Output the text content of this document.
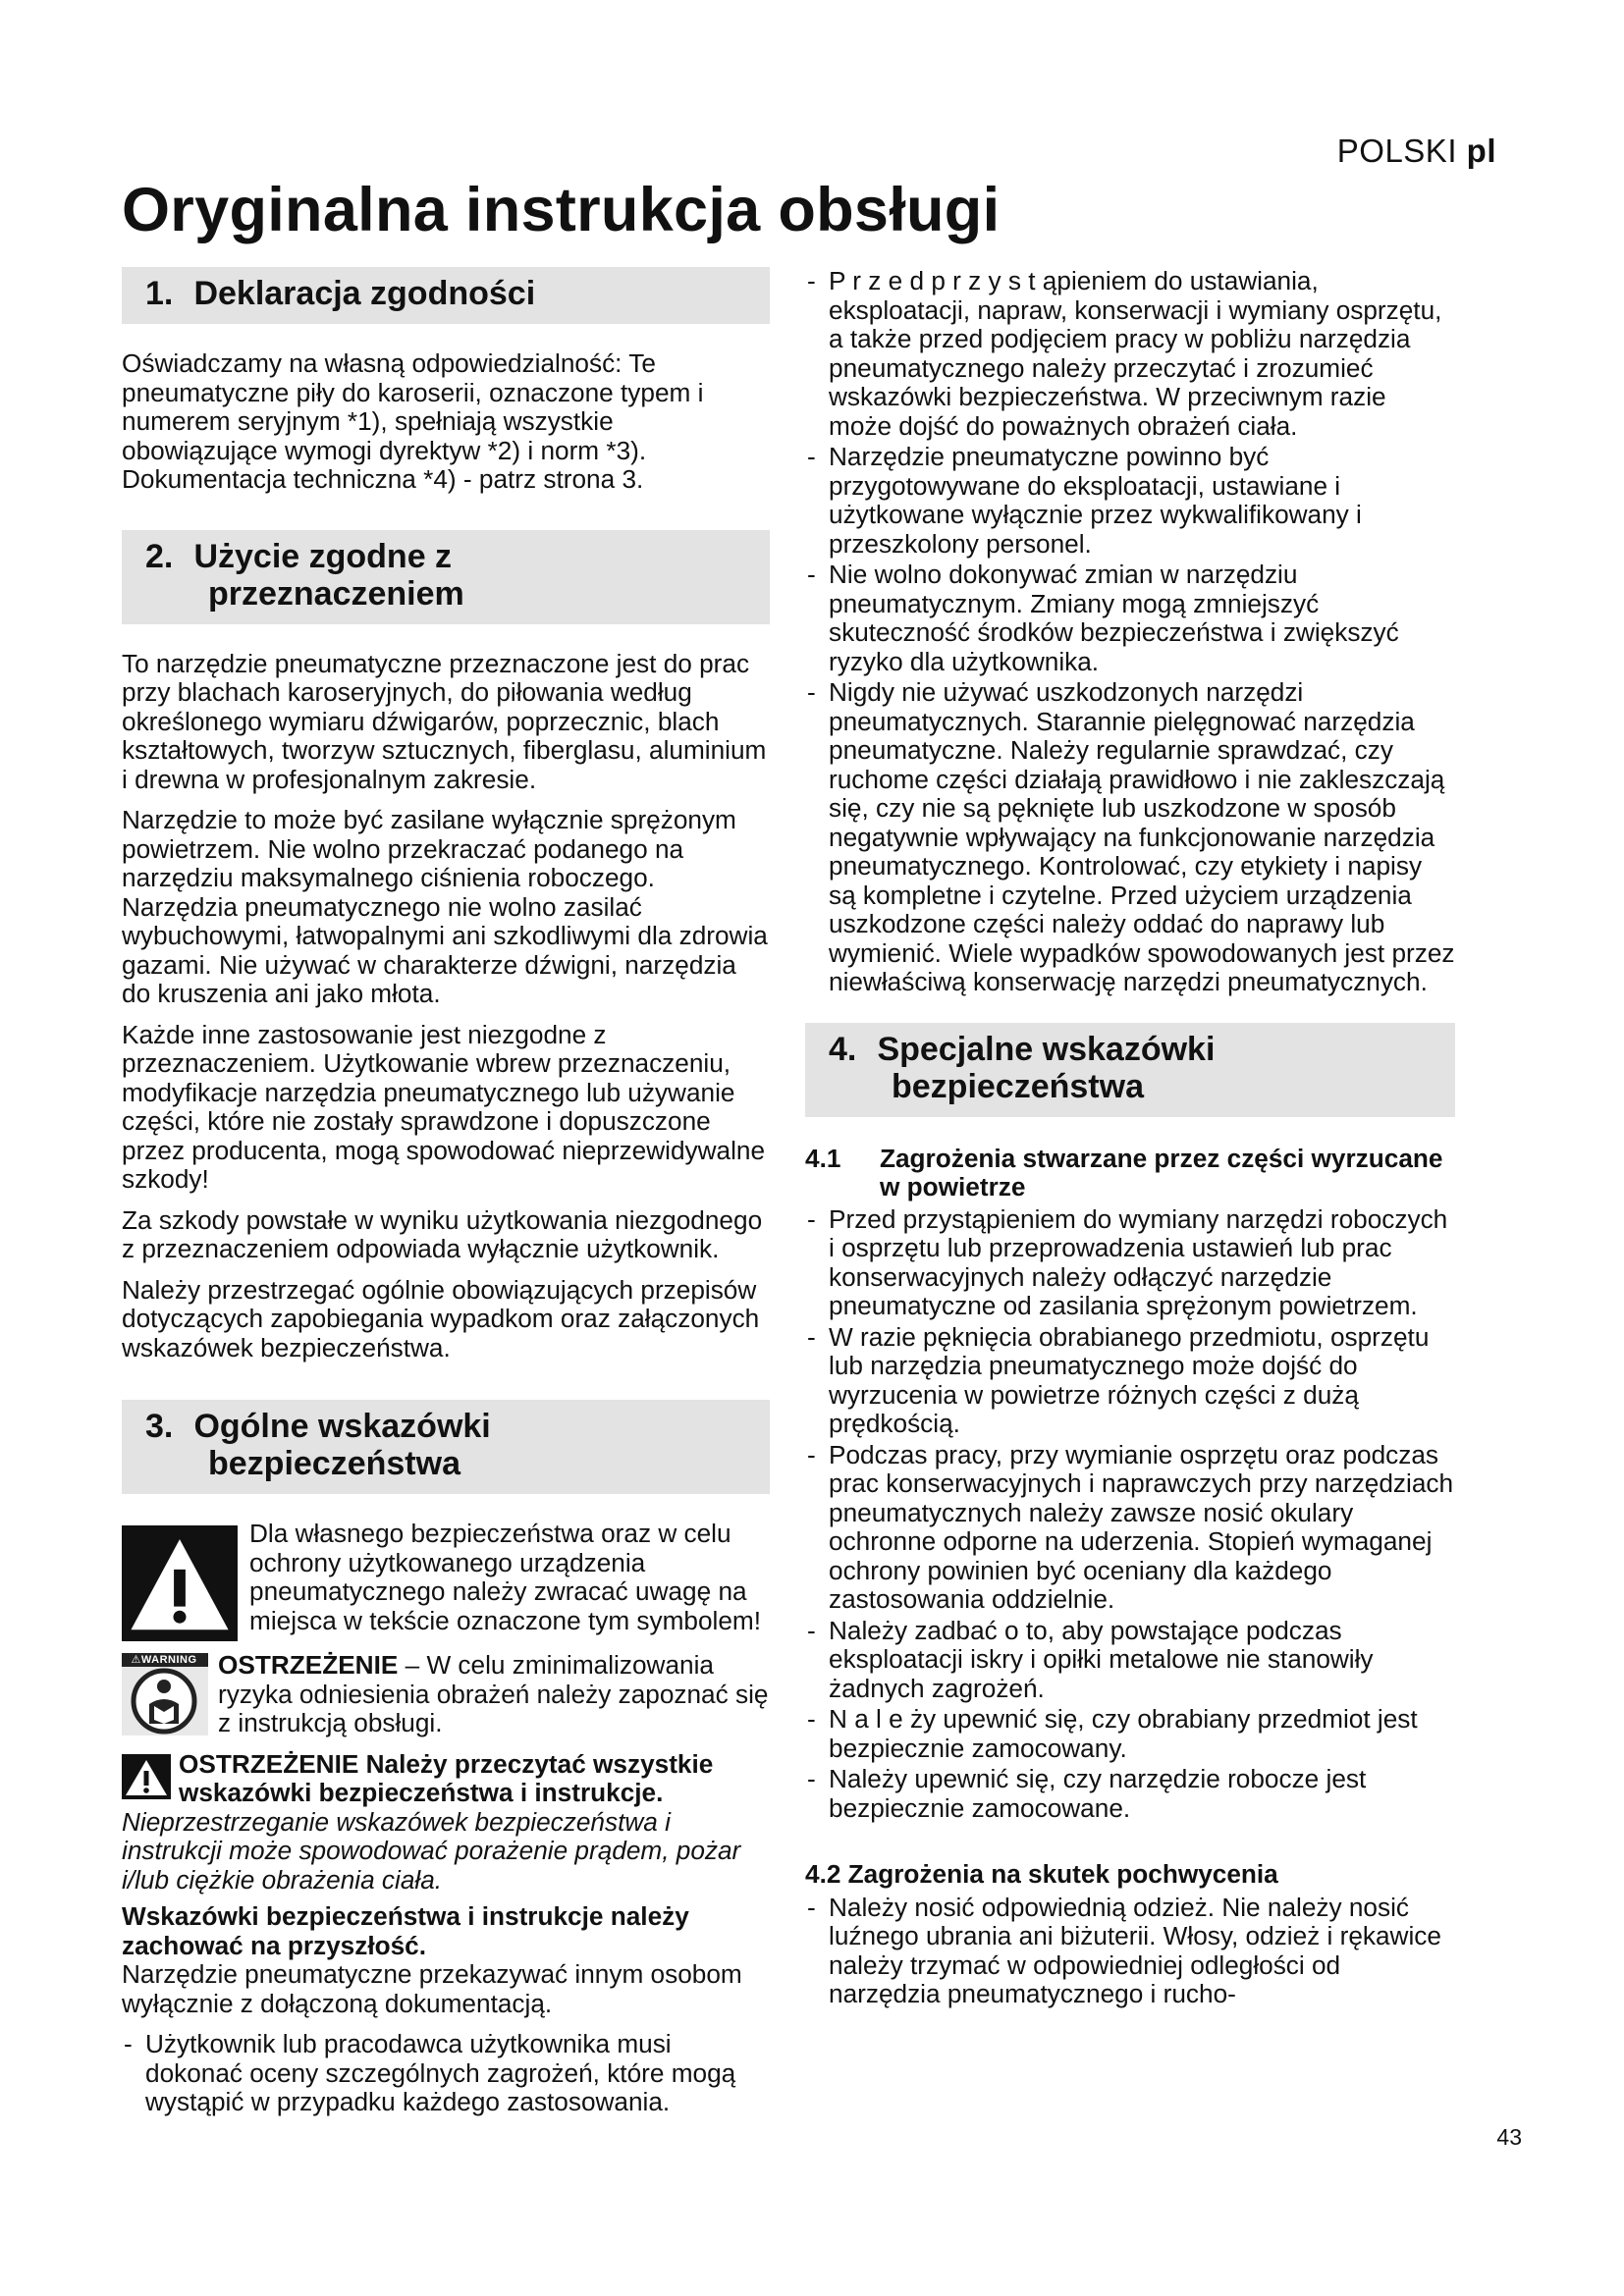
POLSKI pl
Oryginalna instrukcja obsługi
1. Deklaracja zgodności

Oświadczamy na własną odpowiedzialność: Te pneumatyczne piły do karoserii, oznaczone typem i numerem seryjnym *1), spełniają wszystkie obowiązujące wymogi dyrektyw *2) i norm *3). Dokumentacja techniczna *4) - patrz strona 3.

2. Użycie zgodne z
przeznaczeniem

To narzędzie pneumatyczne przeznaczone jest do prac przy blachach karoseryjnych, do piłowania według określonego wymiaru dźwigarów, poprzecznic, blach kształtowych, tworzyw sztucznych, fiberglasu, aluminium i drewna w profesjonalnym zakresie.

Narzędzie to może być zasilane wyłącznie sprężonym powietrzem. Nie wolno przekraczać podanego na narzędziu maksymalnego ciśnienia roboczego. Narzędzia pneumatycznego nie wolno zasilać wybuchowymi, łatwopalnymi ani szkodliwymi dla zdrowia gazami. Nie używać w charakterze dźwigni, narzędzia do kruszenia ani jako młota.

Każde inne zastosowanie jest niezgodne z przeznaczeniem. Użytkowanie wbrew przeznaczeniu, modyfikacje narzędzia pneumatycznego lub używanie części, które nie zostały sprawdzone i dopuszczone przez producenta, mogą spowodować nieprzewidywalne szkody!

Za szkody powstałe w wyniku użytkowania niezgodnego z przeznaczeniem odpowiada wyłącznie użytkownik.

Należy przestrzegać ogólnie obowiązujących przepisów dotyczących zapobiegania wypadkom oraz załączonych wskazówek bezpieczeństwa.

3. Ogólne wskazówki
bezpieczeństwa
Dla własnego bezpieczeństwa oraz w celu ochrony użytkowanego urządzenia pneumatycznego należy zwracać uwagę na miejsca w tekście oznaczone tym symbolem!
⚠WARNING OSTRZEŻENIE – W celu zminimalizowania ryzyka odniesienia obrażeń należy zapoznać się z instrukcją obsługi.
OSTRZEŻENIE Należy przeczytać wszystkie wskazówki bezpieczeństwa i instrukcje. Nieprzestrzeganie wskazówek bezpieczeństwa i instrukcji może spowodować porażenie prądem, pożar i/lub ciężkie obrażenia ciała.

Wskazówki bezpieczeństwa i instrukcje należy zachować na przyszłość.
Narzędzie pneumatyczne przekazywać innym osobom wyłącznie z dołączoną dokumentacją.

- Użytkownik lub pracodawca użytkownika musi dokonać oceny szczególnych zagrożeń, które mogą wystąpić w przypadku każdego zastosowania.
- P r z e d p r z y s t ąpieniem do ustawiania, eksploatacji, napraw, konserwacji i wymiany osprzętu, a także przed podjęciem pracy w pobliżu narzędzia pneumatycznego należy przeczytać i zrozumieć wskazówki bezpieczeństwa. W przeciwnym razie może dojść do poważnych obrażeń ciała.
- Narzędzie pneumatyczne powinno być przygotowywane do eksploatacji, ustawiane i użytkowane wyłącznie przez wykwalifikowany i przeszkolony personel.
- Nie wolno dokonywać zmian w narzędziu pneumatycznym. Zmiany mogą zmniejszyć skuteczność środków bezpieczeństwa i zwiększyć ryzyko dla użytkownika.
- Nigdy nie używać uszkodzonych narzędzi pneumatycznych. Starannie pielęgnować narzędzia pneumatyczne. Należy regularnie sprawdzać, czy ruchome części działają prawidłowo i nie zakleszczają się, czy nie są pęknięte lub uszkodzone w sposób negatywnie wpływający na funkcjonowanie narzędzia pneumatycznego. Kontrolować, czy etykiety i napisy są kompletne i czytelne. Przed użyciem urządzenia uszkodzone części należy oddać do naprawy lub wymienić. Wiele wypadków spowodowanych jest przez niewłaściwą konserwację narzędzi pneumatycznych.
4. Specjalne wskazówki
bezpieczeństwa
4.1	Zagrożenia stwarzane przez części wyrzucane w powietrze
- Przed przystąpieniem do wymiany narzędzi roboczych i osprzętu lub przeprowadzenia ustawień lub prac konserwacyjnych należy odłączyć narzędzie pneumatyczne od zasilania sprężonym powietrzem.
- W razie pęknięcia obrabianego przedmiotu, osprzętu lub narzędzia pneumatycznego może dojść do wyrzucenia w powietrze różnych części z dużą prędkością.
- Podczas pracy, przy wymianie osprzętu oraz podczas prac konserwacyjnych i naprawczych przy narzędziach pneumatycznych należy zawsze nosić okulary ochronne odporne na uderzenia. Stopień wymaganej ochrony powinien być oceniany dla każdego zastosowania oddzielnie.
- Należy zadbać o to, aby powstające podczas eksploatacji iskry i opiłki metalowe nie stanowiły żadnych zagrożeń.
- N a l e ży upewnić się, czy obrabiany przedmiot jest bezpiecznie zamocowany.
- Należy upewnić się, czy narzędzie robocze jest bezpiecznie zamocowane.
4.2 Zagrożenia na skutek pochwycenia
- Należy nosić odpowiednią odzież. Nie należy nosić luźnego ubrania ani biżuterii. Włosy, odzież i rękawice należy trzymać w odpowiedniej odległości od narzędzia pneumatycznego i rucho-
43
